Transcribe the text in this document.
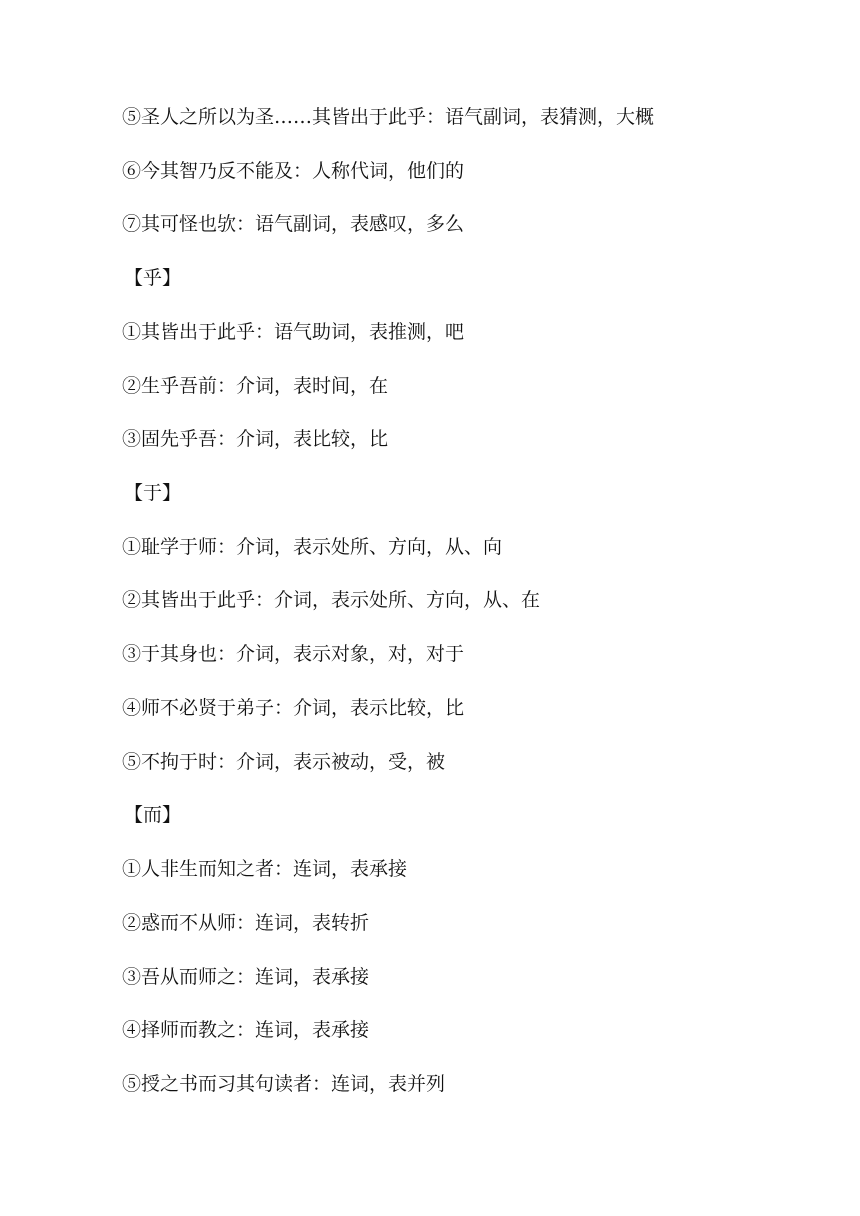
⑤圣人之所以为圣……其皆出于此乎：语气副词，表猜测，大概
⑥今其智乃反不能及：人称代词，他们的
⑦其可怪也欤：语气副词，表感叹，多么
【乎】
①其皆出于此乎：语气助词，表推测，吧
②生乎吾前：介词，表时间，在
③固先乎吾：介词，表比较，比
【于】
①耻学于师：介词，表示处所、方向，从、向
②其皆出于此乎：介词，表示处所、方向，从、在
③于其身也：介词，表示对象，对，对于
④师不必贤于弟子：介词，表示比较，比
⑤不拘于时：介词，表示被动，受，被
【而】
①人非生而知之者：连词，表承接
②惑而不从师：连词，表转折
③吾从而师之：连词，表承接
④择师而教之：连词，表承接
⑤授之书而习其句读者：连词，表并列
